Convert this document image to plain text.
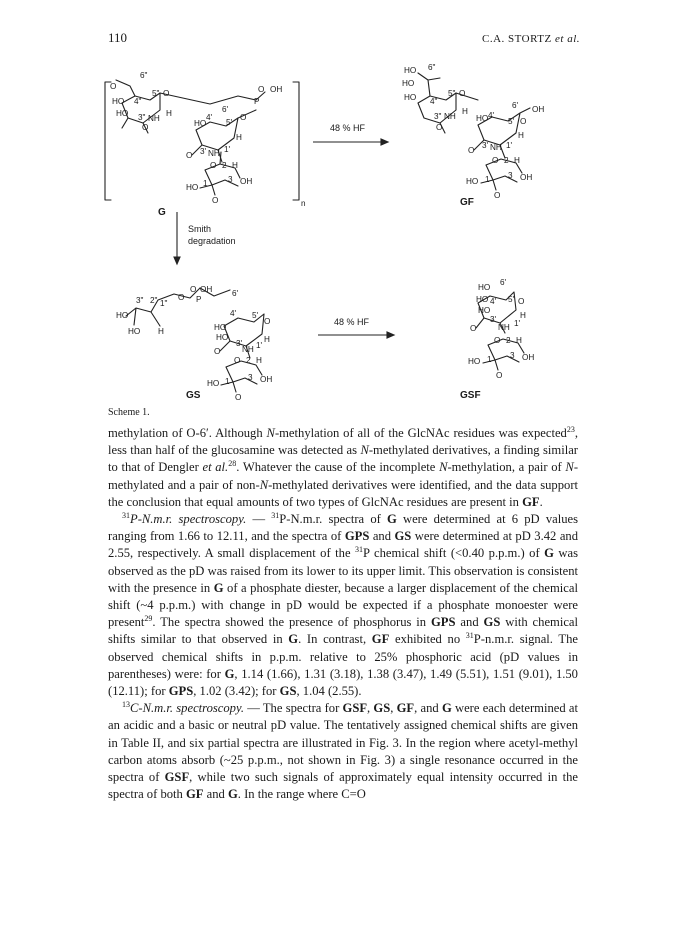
110	C.A. STORTZ et al.
6"
O
HO
HO
4"
5" O
3" NH
H
O
O OH
P
O
6'
HO
4'
5'
H
3' NH 1'
O
O 2 H
OH
3
HO 1
O	n
HO 6"
HO
HO 4"
5" O
3" NH
H
O
6' OH
HO 4'
5' O
H
3' NH 1'
O
O 2 H
OH
3
HO 1
O
O OH
P
O	6'
2"
3" 1"
HO
HO H	HO
HO
4' 5'
O
H
3'
NH 1'
O
O 2 H
OH
3
HO 1
O
HO
6'
HO
HO
4' 5' O
H
3'
NH 1'
O
O 2 H
OH
3
HO 1
O
48 % HF
48 % HF
Smith
degradation
G
GF
GS	GSF
Scheme 1.

methylation of O-6′. Although N-methylation of all of the GlcNAc residues was expected$^{23}$, less than half of the glucosamine was detected as N-methylated derivatives, a finding similar to that of Dengler et al.$^{28}$. Whatever the cause of the incomplete N-methylation, a pair of N-methylated and a pair of non-N-methylated derivatives were identified, and the data support the conclusion that equal amounts of two types of GlcNAc residues are present in GF.

$^{31}$P-N.m.r. spectroscopy. — $^{31}$P-N.m.r. spectra of G were determined at 6 pD values ranging from 1.66 to 12.11, and the spectra of GPS and GS were determined at pD 3.42 and 2.55, respectively. A small displacement of the $^{31}$P chemical shift (<0.40 p.p.m.) of G was observed as the pD was raised from its lower to its upper limit. This observation is consistent with the presence in G of a phosphate diester, because a larger displacement of the chemical shift (~4 p.p.m.) with change in pD would be expected if a phosphate monoester were present$^{29}$. The spectra showed the presence of phosphorus in GPS and GS with chemical shifts similar to that observed in G. In contrast, GF exhibited no $^{31}$P-n.m.r. signal. The observed chemical shifts in p.p.m. relative to 25% phosphoric acid (pD values in parentheses) were: for G, 1.14 (1.66), 1.31 (3.18), 1.38 (3.47), 1.49 (5.51), 1.51 (9.01), 1.50 (12.11); for GPS, 1.02 (3.42); for GS, 1.04 (2.55).

$^{13}$C-N.m.r. spectroscopy. — The spectra for GSF, GS, GF, and G were each determined at an acidic and a basic or neutral pD value. The tentatively assigned chemical shifts are given in Table II, and six partial spectra are illustrated in Fig. 3. In the region where acetyl-methyl carbon atoms absorb (~25 p.p.m., not shown in Fig. 3) a single resonance occurred in the spectra of GSF, while two such signals of approximately equal intensity occurred in the spectra of both GF and G. In the range where C=O
